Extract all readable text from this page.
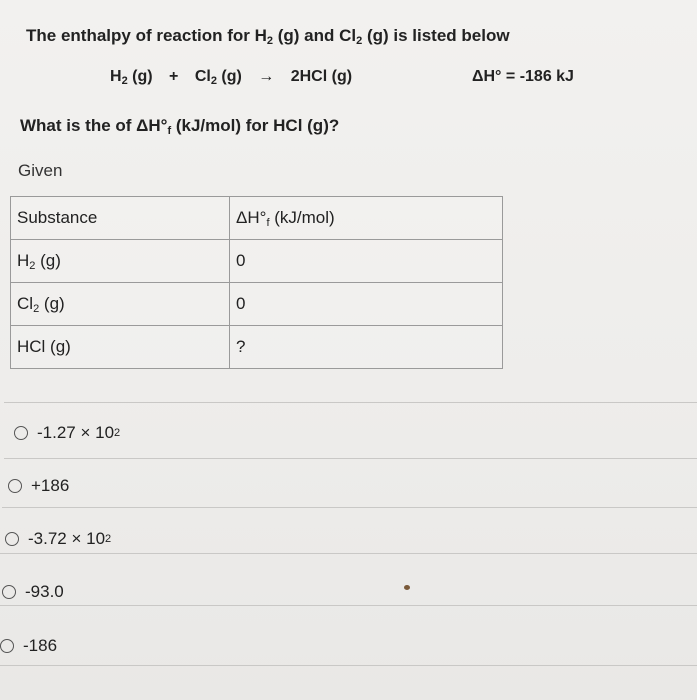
The enthalpy of reaction for $H_2$ (g) and $Cl_2$ (g) is listed below
$H_2$ $(g) + Cl_2$ (g) → 2HCl (g)	ΔH° = -186 kJ
What is the of $\Delta H^\circ_f$ (kJ/mol) for HCl (g)?
Given
Substance	$\Delta H^\circ_f$ (kJ/mol)
$H_2$ (g)	0
$Cl_2$ (g)	0
HCl (g)	?
-1.27 × 10 2
+186
-3.72 × 10 2
-93.0
-186
